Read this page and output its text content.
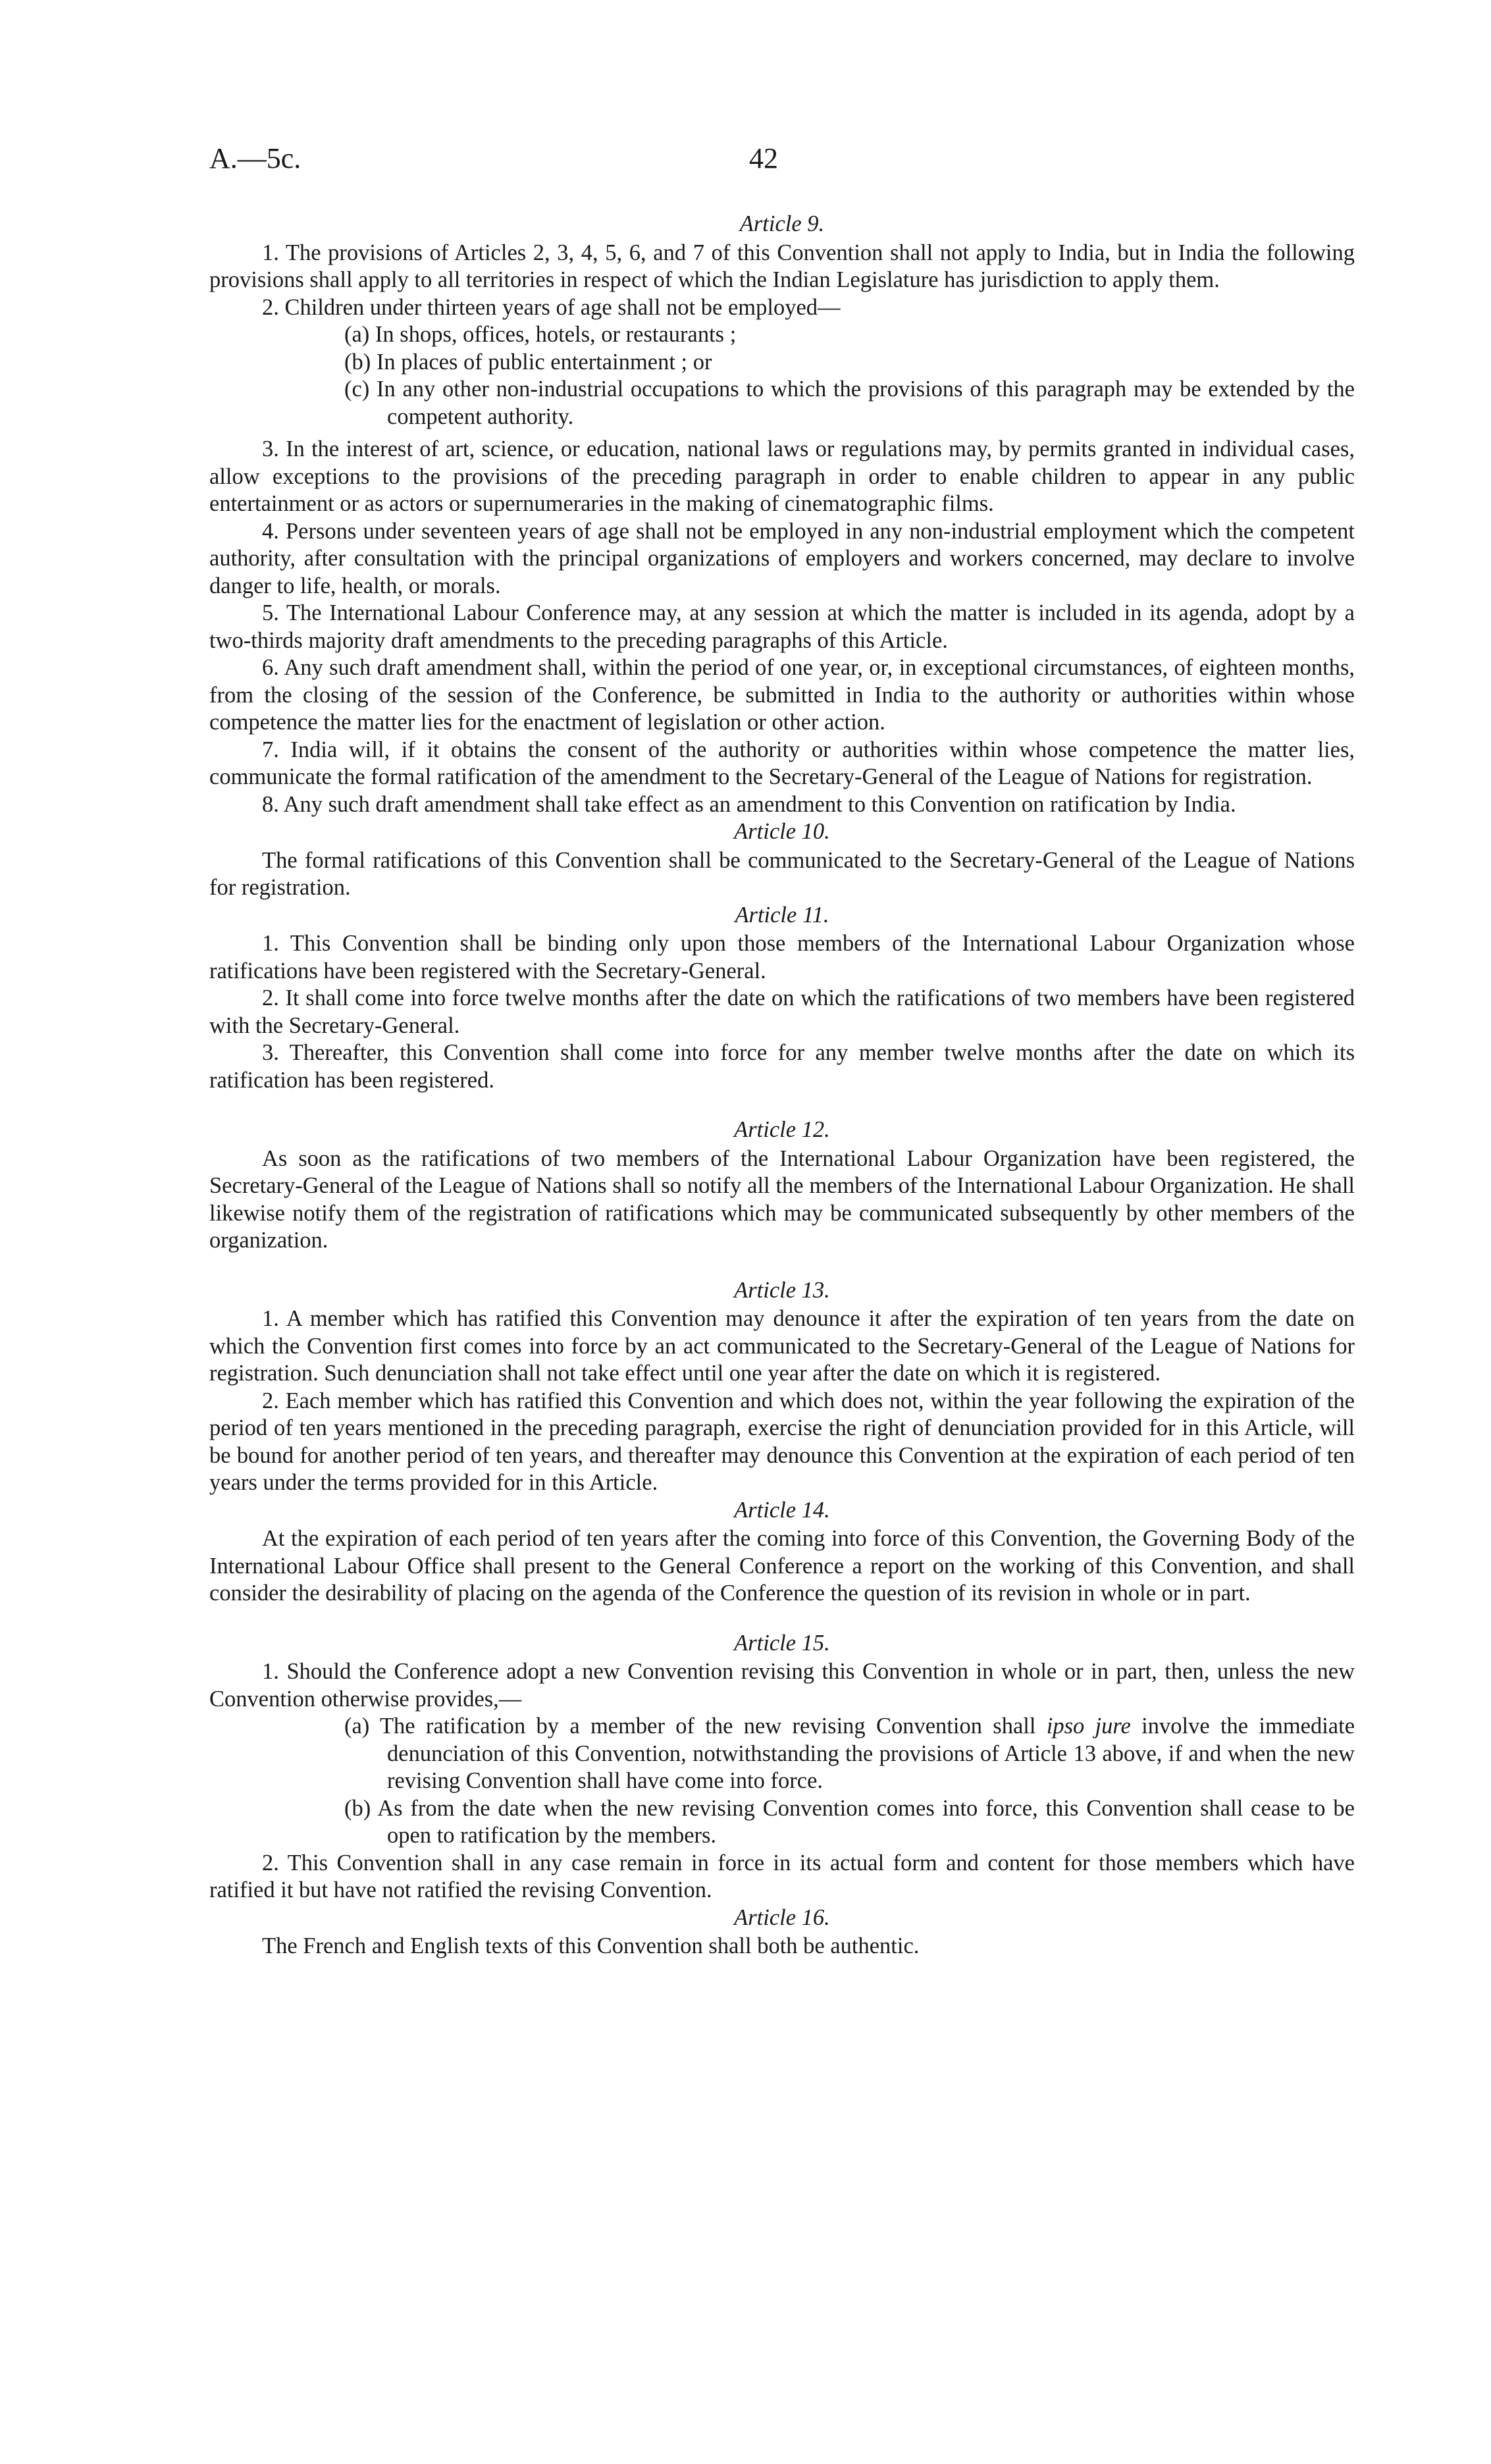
A.—5c.	42

Article 9.

1. The provisions of Articles 2, 3, 4, 5, 6, and 7 of this Convention shall not apply to India, but in India the following provisions shall apply to all territories in respect of which the Indian Legislature has jurisdiction to apply them.

2. Children under thirteen years of age shall not be employed—

(a) In shops, offices, hotels, or restaurants ;

(b) In places of public entertainment ; or

(c) In any other non-industrial occupations to which the provisions of this paragraph may be extended by the competent authority.

3. In the interest of art, science, or education, national laws or regulations may, by permits granted in individual cases, allow exceptions to the provisions of the preceding paragraph in order to enable children to appear in any public entertainment or as actors or supernumeraries in the making of cinematographic films.

4. Persons under seventeen years of age shall not be employed in any non-industrial employment which the competent authority, after consultation with the principal organizations of employers and workers concerned, may declare to involve danger to life, health, or morals.

5. The International Labour Conference may, at any session at which the matter is included in its agenda, adopt by a two-thirds majority draft amendments to the preceding paragraphs of this Article.

6. Any such draft amendment shall, within the period of one year, or, in exceptional circumstances, of eighteen months, from the closing of the session of the Conference, be submitted in India to the authority or authorities within whose competence the matter lies for the enactment of legislation or other action.

7. India will, if it obtains the consent of the authority or authorities within whose competence the matter lies, communicate the formal ratification of the amendment to the Secretary-General of the League of Nations for registration.

8. Any such draft amendment shall take effect as an amendment to this Convention on ratification by India.

Article 10.

The formal ratifications of this Convention shall be communicated to the Secretary-General of the League of Nations for registration.

Article 11.

1. This Convention shall be binding only upon those members of the International Labour Organization whose ratifications have been registered with the Secretary-General.

2. It shall come into force twelve months after the date on which the ratifications of two members have been registered with the Secretary-General.

3. Thereafter, this Convention shall come into force for any member twelve months after the date on which its ratification has been registered.

Article 12.

As soon as the ratifications of two members of the International Labour Organization have been registered, the Secretary-General of the League of Nations shall so notify all the members of the International Labour Organization. He shall likewise notify them of the registration of ratifications which may be communicated subsequently by other members of the organization.

Article 13.

1. A member which has ratified this Convention may denounce it after the expiration of ten years from the date on which the Convention first comes into force by an act communicated to the Secretary-General of the League of Nations for registration. Such denunciation shall not take effect until one year after the date on which it is registered.

2. Each member which has ratified this Convention and which does not, within the year following the expiration of the period of ten years mentioned in the preceding paragraph, exercise the right of denunciation provided for in this Article, will be bound for another period of ten years, and thereafter may denounce this Convention at the expiration of each period of ten years under the terms provided for in this Article.

Article 14.

At the expiration of each period of ten years after the coming into force of this Convention, the Governing Body of the International Labour Office shall present to the General Conference a report on the working of this Convention, and shall consider the desirability of placing on the agenda of the Conference the question of its revision in whole or in part.

Article 15.

1. Should the Conference adopt a new Convention revising this Convention in whole or in part, then, unless the new Convention otherwise provides,—

(a) The ratification by a member of the new revising Convention shall ipso jure involve the immediate denunciation of this Convention, notwithstanding the provisions of Article 13 above, if and when the new revising Convention shall have come into force.

(b) As from the date when the new revising Convention comes into force, this Convention shall cease to be open to ratification by the members.

2. This Convention shall in any case remain in force in its actual form and content for those members which have ratified it but have not ratified the revising Convention.

Article 16.

The French and English texts of this Convention shall both be authentic.
